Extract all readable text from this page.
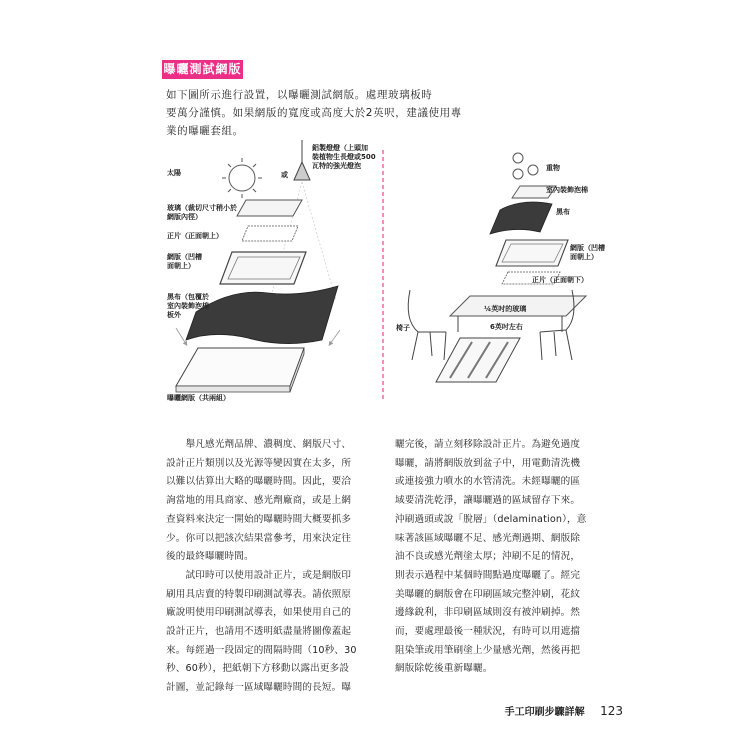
曝曬測試網版
如下圖所示進行設置，以曝曬測試網版。處理玻璃板時
要萬分謹慎。如果網版的寬度或高度大於2英呎，建議使用專
業的曝曬套組。
太陽	或
鋁製燈燈（上頭加
裝植物生長燈或500
瓦特的強光燈泡
玻璃（裁切尺寸稍小於
網版內徑）
正片（正面朝上）
網版（凹槽
面朝上）
黑布（包覆於
室內裝飾泡棉
板外
曝曬網版（共兩組）
重物
室內裝飾泡棉
黑布
網版（凹槽
面朝上）
正片（正面朝下）
¼英吋的玻璃
6英吋左右
椅子
　　舉凡感光劑品牌、濃稠度、網版尺寸、
設計正片類別以及光源等變因實在太多，所
以難以估算出大略的曝曬時間。因此，要洽
詢當地的用具商家、感光劑廠商，或是上網
查資料來決定一開始的曝曬時間大概要抓多
少。你可以把該次結果當參考，用來決定往
後的最終曝曬時間。
　　試印時可以使用設計正片，或是網版印
刷用具店賣的特製印刷測試導表。請依照原
廠說明使用印刷測試導表，如果使用自己的
設計正片，也請用不透明紙盡量將圖像蓋起
來。每經過一段固定的間隔時間（10秒、30
秒、60秒），把紙朝下方移動以露出更多設
計圖，並記錄每一區域曝曬時間的長短。曝
曬完後，請立刻移除設計正片。為避免過度
曝曬，請將網版放到盆子中，用電動清洗機
或連接強力噴水的水管清洗。未經曝曬的區
域要清洗乾淨，讓曝曬過的區域留存下來。
沖刷過頭或說「脫層」（delamination），意
味著該區域曝曬不足、感光劑過期、網版除
油不良或感光劑塗太厚；沖刷不足的情況，
則表示過程中某個時間點過度曝曬了。經完
美曝曬的網版會在印刷區域完整沖刷，花紋
邊緣銳利，非印刷區域則沒有被沖刷掉。然
而，要處理最後一種狀況，有時可以用遮擋
阻染筆或用筆刷塗上少量感光劑，然後再把
網版除乾後重新曝曬。
手工印刷步驟詳解 123
